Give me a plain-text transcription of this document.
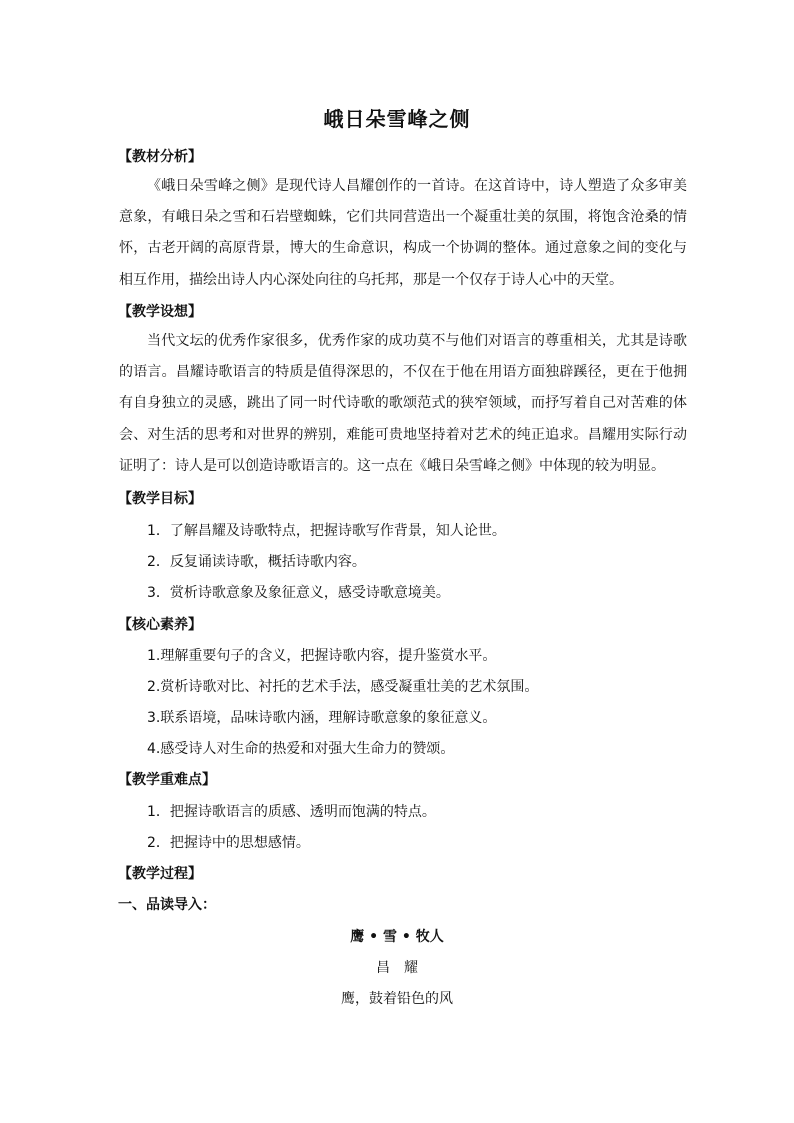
峨日朵雪峰之侧
【教材分析】
《峨日朵雪峰之侧》是现代诗人昌耀创作的一首诗。在这首诗中，诗人塑造了众多审美意象，有峨日朵之雪和石岩壁蜘蛛，它们共同营造出一个凝重壮美的氛围，将饱含沧桑的情怀，古老开阔的高原背景，博大的生命意识，构成一个协调的整体。通过意象之间的变化与相互作用，描绘出诗人内心深处向往的乌托邦，那是一个仅存于诗人心中的天堂。
【教学设想】
当代文坛的优秀作家很多，优秀作家的成功莫不与他们对语言的尊重相关，尤其是诗歌的语言。昌耀诗歌语言的特质是值得深思的，不仅在于他在用语方面独辟蹊径，更在于他拥有自身独立的灵感，跳出了同一时代诗歌的歌颂范式的狭窄领域，而抒写着自己对苦难的体会、对生活的思考和对世界的辨别，难能可贵地坚持着对艺术的纯正追求。昌耀用实际行动证明了：诗人是可以创造诗歌语言的。这一点在《峨日朵雪峰之侧》中体现的较为明显。
【教学目标】
1．了解昌耀及诗歌特点，把握诗歌写作背景，知人论世。
2．反复诵读诗歌，概括诗歌内容。
3．赏析诗歌意象及象征意义，感受诗歌意境美。
【核心素养】
1.理解重要句子的含义，把握诗歌内容，提升鉴赏水平。
2.赏析诗歌对比、衬托的艺术手法，感受凝重壮美的艺术氛围。
3.联系语境，品味诗歌内涵，理解诗歌意象的象征意义。
4.感受诗人对生命的热爱和对强大生命力的赞颂。
【教学重难点】
1．把握诗歌语言的质感、透明而饱满的特点。
2．把握诗中的思想感情。
【教学过程】
一、品读导入：
鹰 • 雪 • 牧人
昌　耀
鹰，鼓着铅色的风
